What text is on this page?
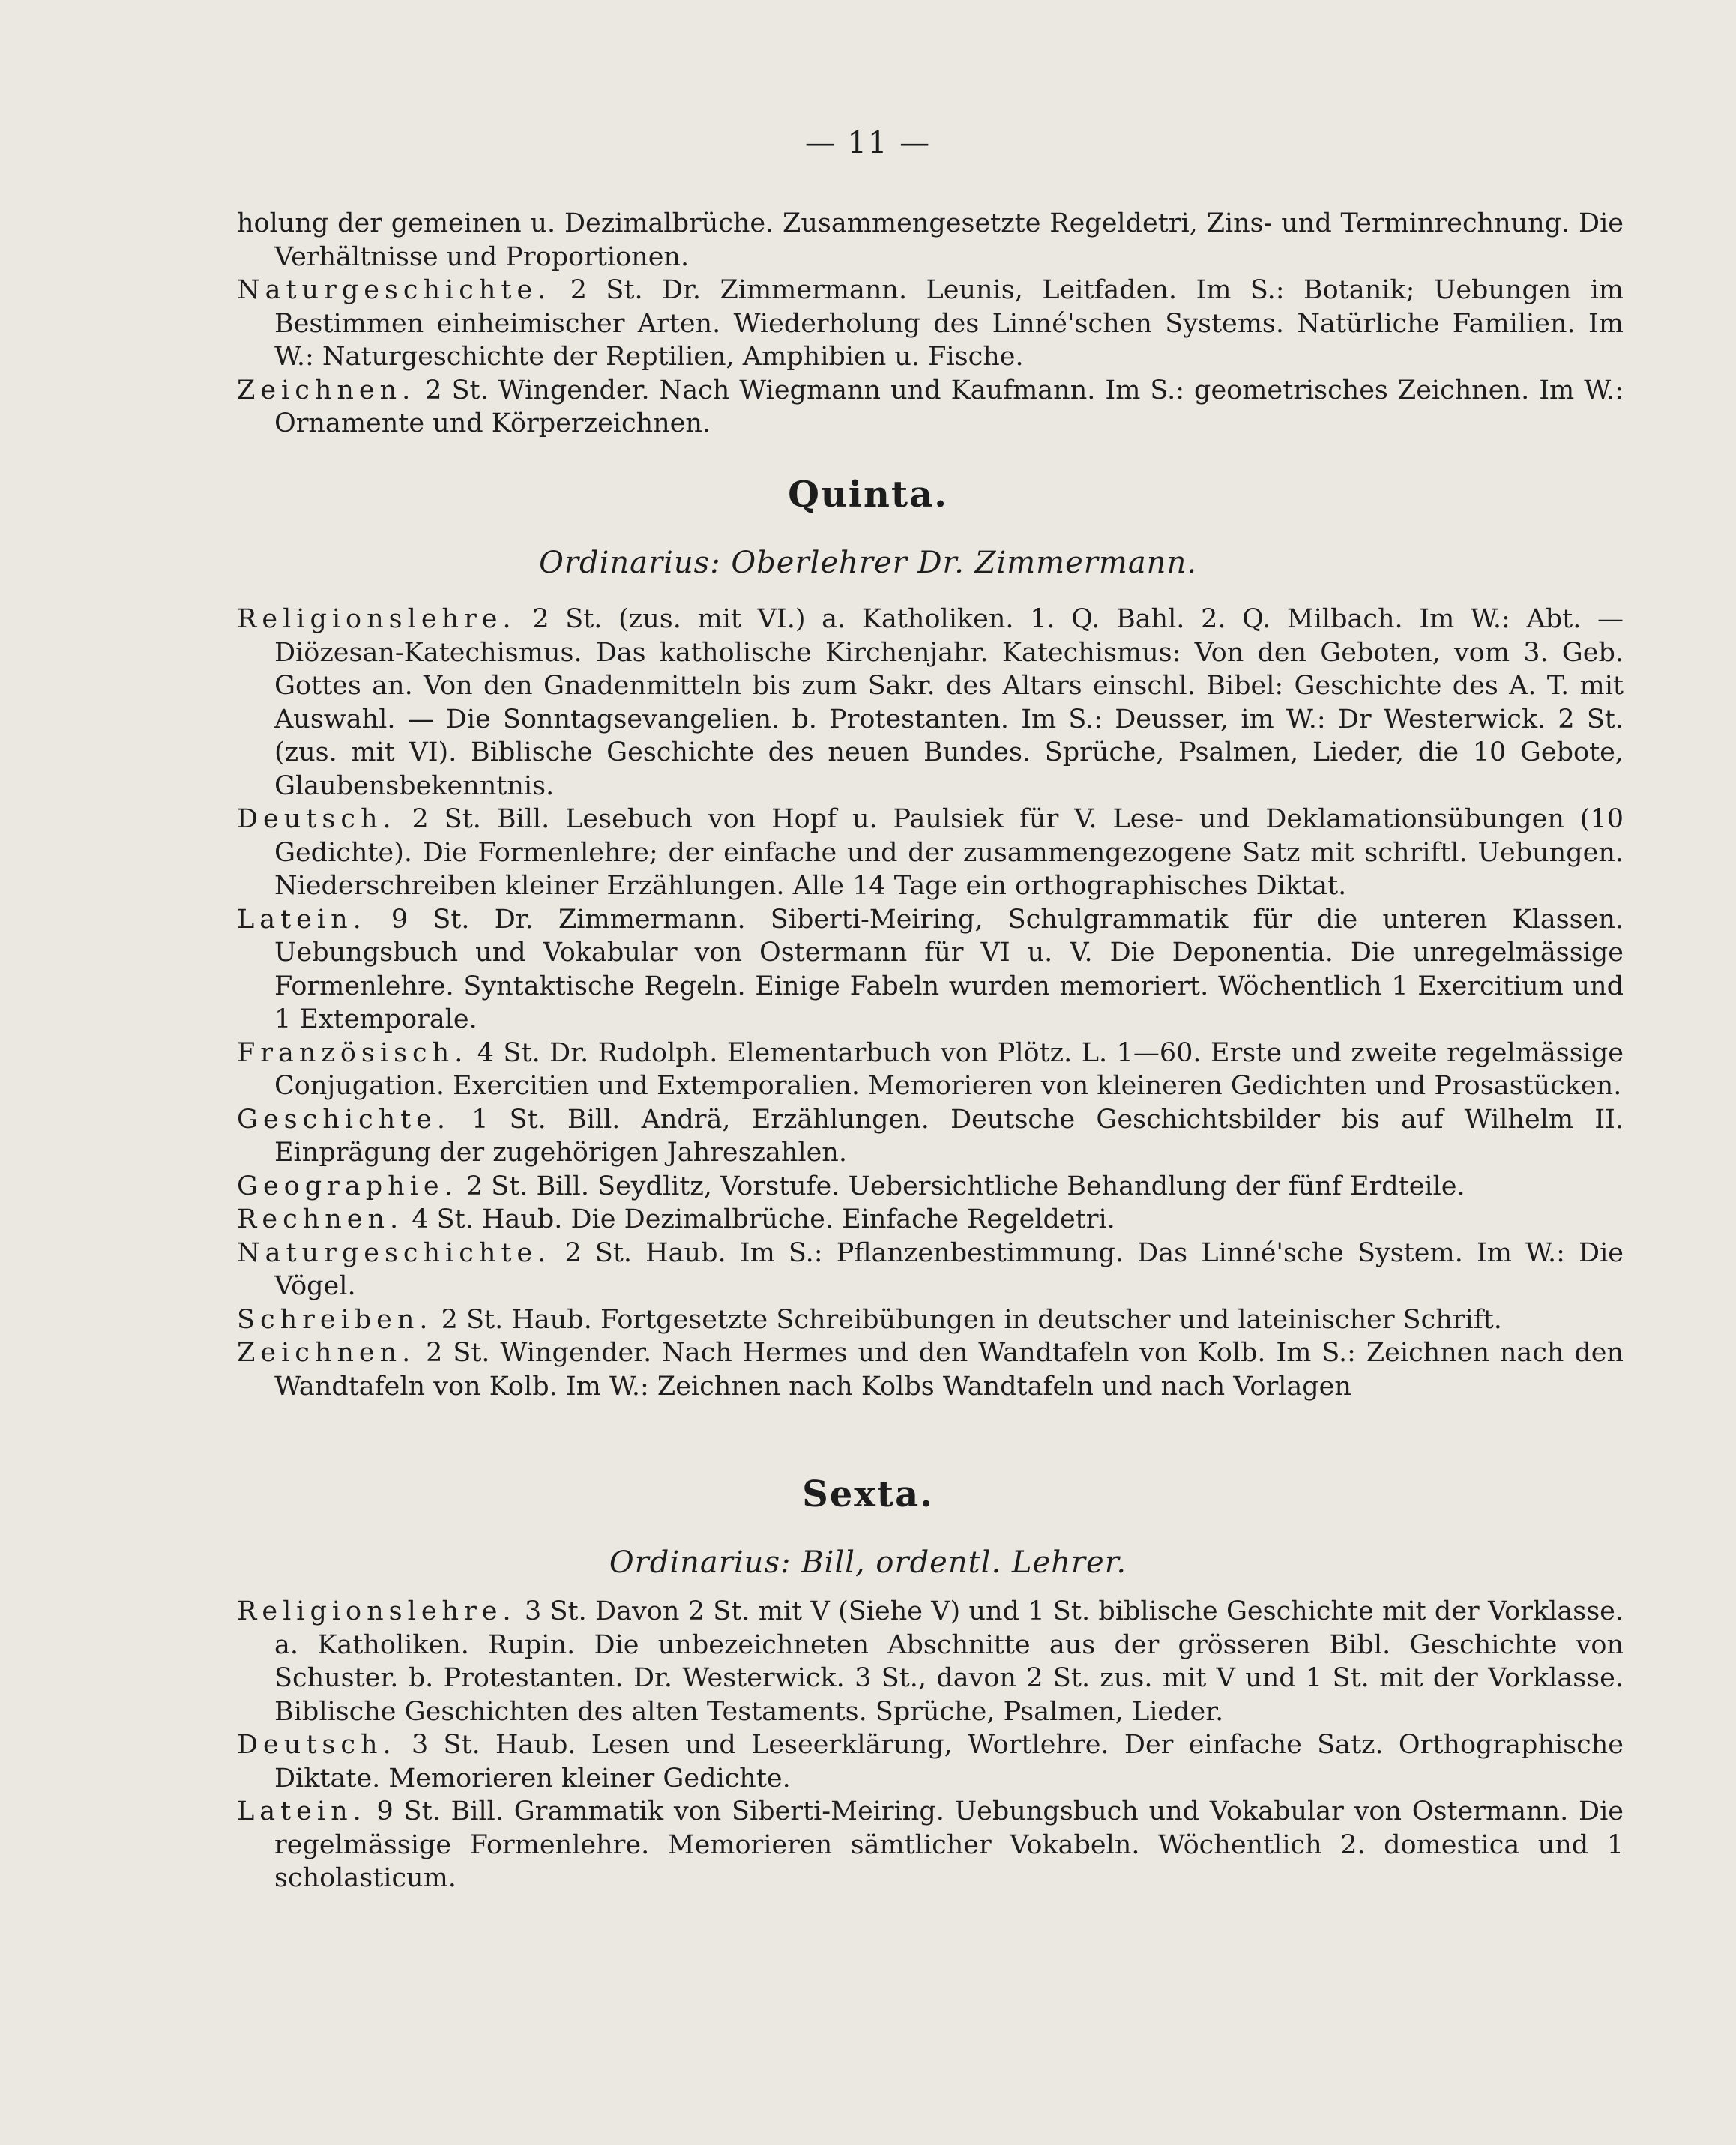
— 11 —

holung der gemeinen u. Dezimalbrüche. Zusammengesetzte Regeldetri, Zins- und Terminrechnung. Die Verhältnisse und Proportionen.

Naturgeschichte. 2 St. Dr. Zimmermann. Leunis, Leitfaden. Im S.: Botanik; Uebungen im Bestimmen einheimischer Arten. Wiederholung des Linné'schen Systems. Natürliche Familien. Im W.: Naturgeschichte der Reptilien, Amphibien u. Fische.

Zeichnen. 2 St. Wingender. Nach Wiegmann und Kaufmann. Im S.: geometrisches Zeichnen. Im W.: Ornamente und Körperzeichnen.

Quinta.
Ordinarius: Oberlehrer Dr. Zimmermann.

Religionslehre. 2 St. (zus. mit VI.) a. Katholiken. 1. Q. Bahl. 2. Q. Milbach. Im W.: Abt. — Diözesan-Katechismus. Das katholische Kirchenjahr. Katechismus: Von den Geboten, vom 3. Geb. Gottes an. Von den Gnadenmitteln bis zum Sakr. des Altars einschl. Bibel: Geschichte des A. T. mit Auswahl. — Die Sonntagsevangelien. b. Protestanten. Im S.: Deusser, im W.: Dr Westerwick. 2 St. (zus. mit VI). Biblische Geschichte des neuen Bundes. Sprüche, Psalmen, Lieder, die 10 Gebote, Glaubensbekenntnis.

Deutsch. 2 St. Bill. Lesebuch von Hopf u. Paulsiek für V. Lese- und Deklamationsübungen (10 Gedichte). Die Formenlehre; der einfache und der zusammengezogene Satz mit schriftl. Uebungen. Niederschreiben kleiner Erzählungen. Alle 14 Tage ein orthographisches Diktat.

Latein. 9 St. Dr. Zimmermann. Siberti-Meiring, Schulgrammatik für die unteren Klassen. Uebungsbuch und Vokabular von Ostermann für VI u. V. Die Deponentia. Die unregelmässige Formenlehre. Syntaktische Regeln. Einige Fabeln wurden memoriert. Wöchentlich 1 Exercitium und 1 Extemporale.

Französisch. 4 St. Dr. Rudolph. Elementarbuch von Plötz. L. 1—60. Erste und zweite regelmässige Conjugation. Exercitien und Extemporalien. Memorieren von kleineren Gedichten und Prosastücken.

Geschichte. 1 St. Bill. Andrä, Erzählungen. Deutsche Geschichtsbilder bis auf Wilhelm II. Einprägung der zugehörigen Jahreszahlen.

Geographie. 2 St. Bill. Seydlitz, Vorstufe. Uebersichtliche Behandlung der fünf Erdteile.

Rechnen. 4 St. Haub. Die Dezimalbrüche. Einfache Regeldetri.

Naturgeschichte. 2 St. Haub. Im S.: Pflanzenbestimmung. Das Linné'sche System. Im W.: Die Vögel.

Schreiben. 2 St. Haub. Fortgesetzte Schreibübungen in deutscher und lateinischer Schrift.

Zeichnen. 2 St. Wingender. Nach Hermes und den Wandtafeln von Kolb. Im S.: Zeichnen nach den Wandtafeln von Kolb. Im W.: Zeichnen nach Kolbs Wandtafeln und nach Vorlagen

Sexta.
Ordinarius: Bill, ordentl. Lehrer.

Religionslehre. 3 St. Davon 2 St. mit V (Siehe V) und 1 St. biblische Geschichte mit der Vorklasse. a. Katholiken. Rupin. Die unbezeichneten Abschnitte aus der grösseren Bibl. Geschichte von Schuster. b. Protestanten. Dr. Westerwick. 3 St., davon 2 St. zus. mit V und 1 St. mit der Vorklasse. Biblische Geschichten des alten Testaments. Sprüche, Psalmen, Lieder.

Deutsch. 3 St. Haub. Lesen und Leseerklärung, Wortlehre. Der einfache Satz. Orthographische Diktate. Memorieren kleiner Gedichte.

Latein. 9 St. Bill. Grammatik von Siberti-Meiring. Uebungsbuch und Vokabular von Ostermann. Die regelmässige Formenlehre. Memorieren sämtlicher Vokabeln. Wöchentlich 2. domestica und 1 scholasticum.
